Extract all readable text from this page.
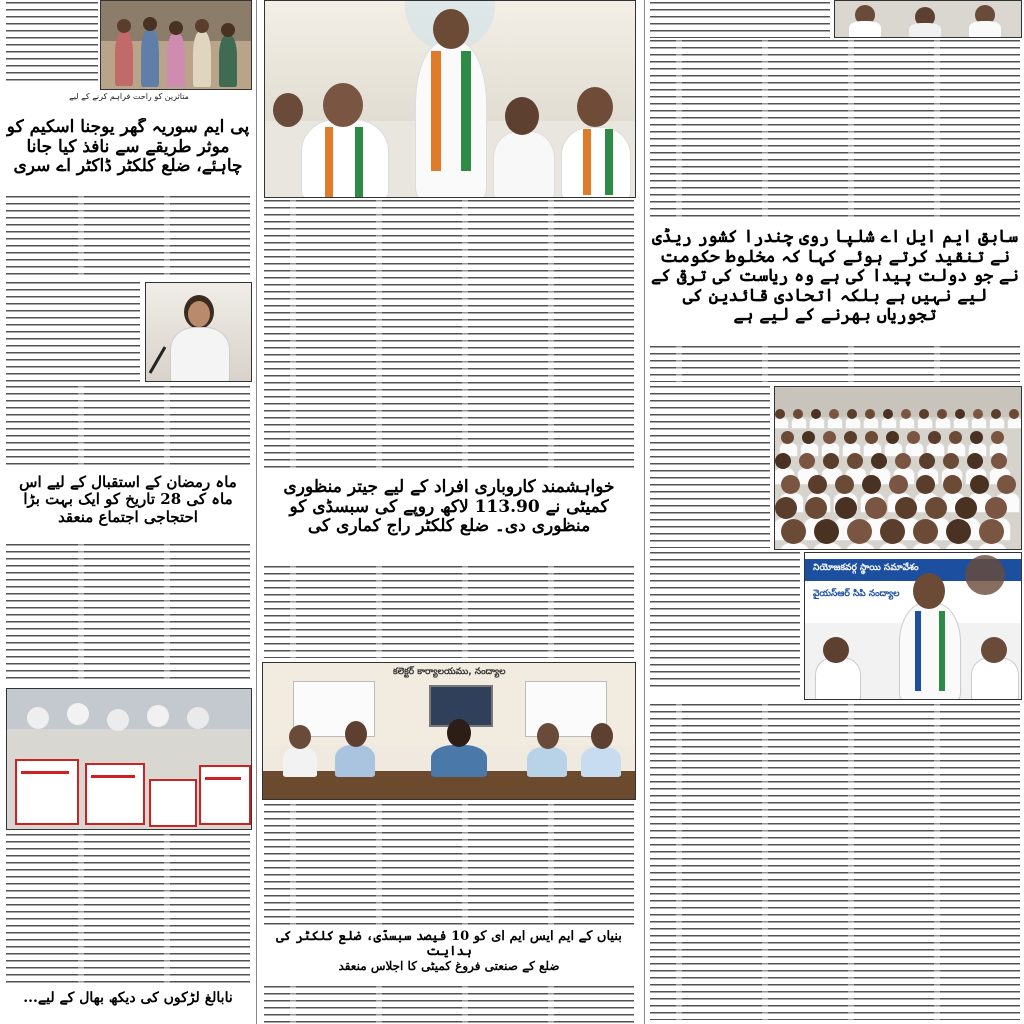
متاثرین کو راحت فراہم کرنے کے لیے
پی ایم سوریہ گھر یوجنا اسکیم کو موثر طریقے سے نافذ کیا جانا چاہئے، ضلع کلکٹر ڈاکٹر اے سری
ماہ رمضان کے استقبال کے لیے اس ماہ کی 28 تاریخ کو ایک بہت بڑا احتجاجی اجتماع منعقد
نابالغ لڑکوں کی دیکھ بھال کے لیے...
خواہشمند کاروباری افراد کے لیے جیتر منظوری کمیٹی نے 113.90 لاکھ روپے کی سبسڈی کو منظوری دی۔ ضلع کلکٹر راج کماری کی
కలెక్టర్ కార్యాలయము, నంద్యాల
بنیاں کے ایم ایس ایم ای کو 10 فیصد سبسڈی، ضلع کلکٹر کی ہدایت
ضلع کے صنعتی فروغ کمیٹی کا اجلاس منعقد
سابق ایم ایل اے شلپا روی چندرا کشور ریڈی نے تنقید کرتے ہوئے کہا کہ مخلوط حکومت نے جو دولت پیدا کی ہے وہ ریاست کی ترقی کے لیے نہیں ہے بلکہ اتحادی قائدین کی تجوریاں بھرنے کے لیے ہے
నియోజకవర్గ స్థాయి సమావేశం
వైయస్ఆర్ సిపి నంద్యాల
